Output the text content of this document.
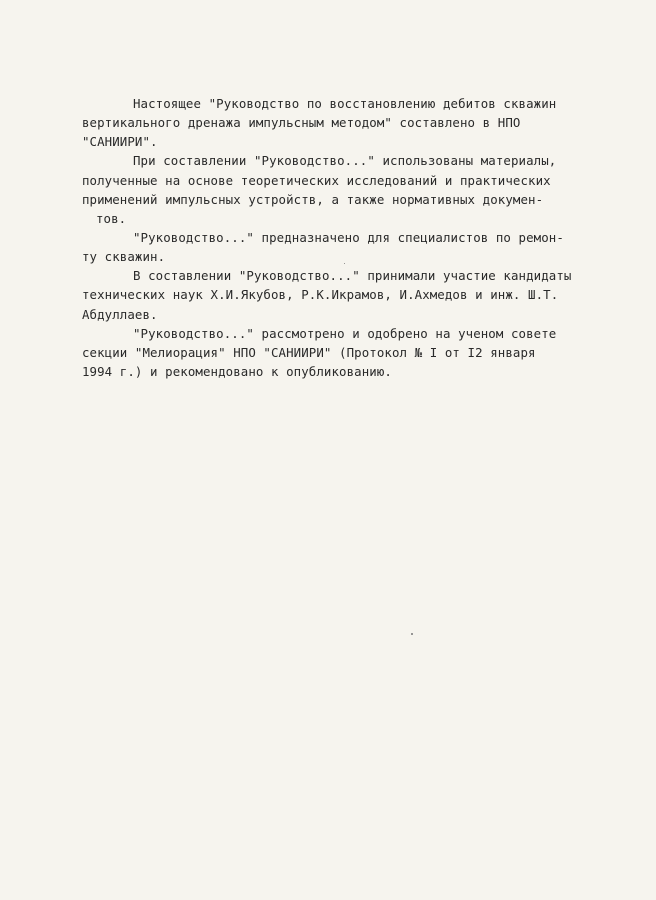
Настоящее "Руководство по восстановлению дебитов скважин
вертикального дренажа импульсным методом" составлено в НПО
"САНИИРИ".
При составлении "Руководство..." использованы материалы,
полученные на основе теоретических исследований и практических
применений импульсных устройств, а также нормативных докумен-
тов.
"Руководство..." предназначено для специалистов по ремон-
ту скважин.
В составлении "Руководство..." принимали участие кандидаты
технических наук Х.И.Якубов, Р.К.Икрамов, И.Ахмедов и инж. Ш.Т.
Абдуллаев.
"Руководство..." рассмотрено и одобрено на ученом совете
секции "Мелиорация" НПО "САНИИРИ" (Протокол № I от I2 января
1994 г.) и рекомендовано к опубликованию.
